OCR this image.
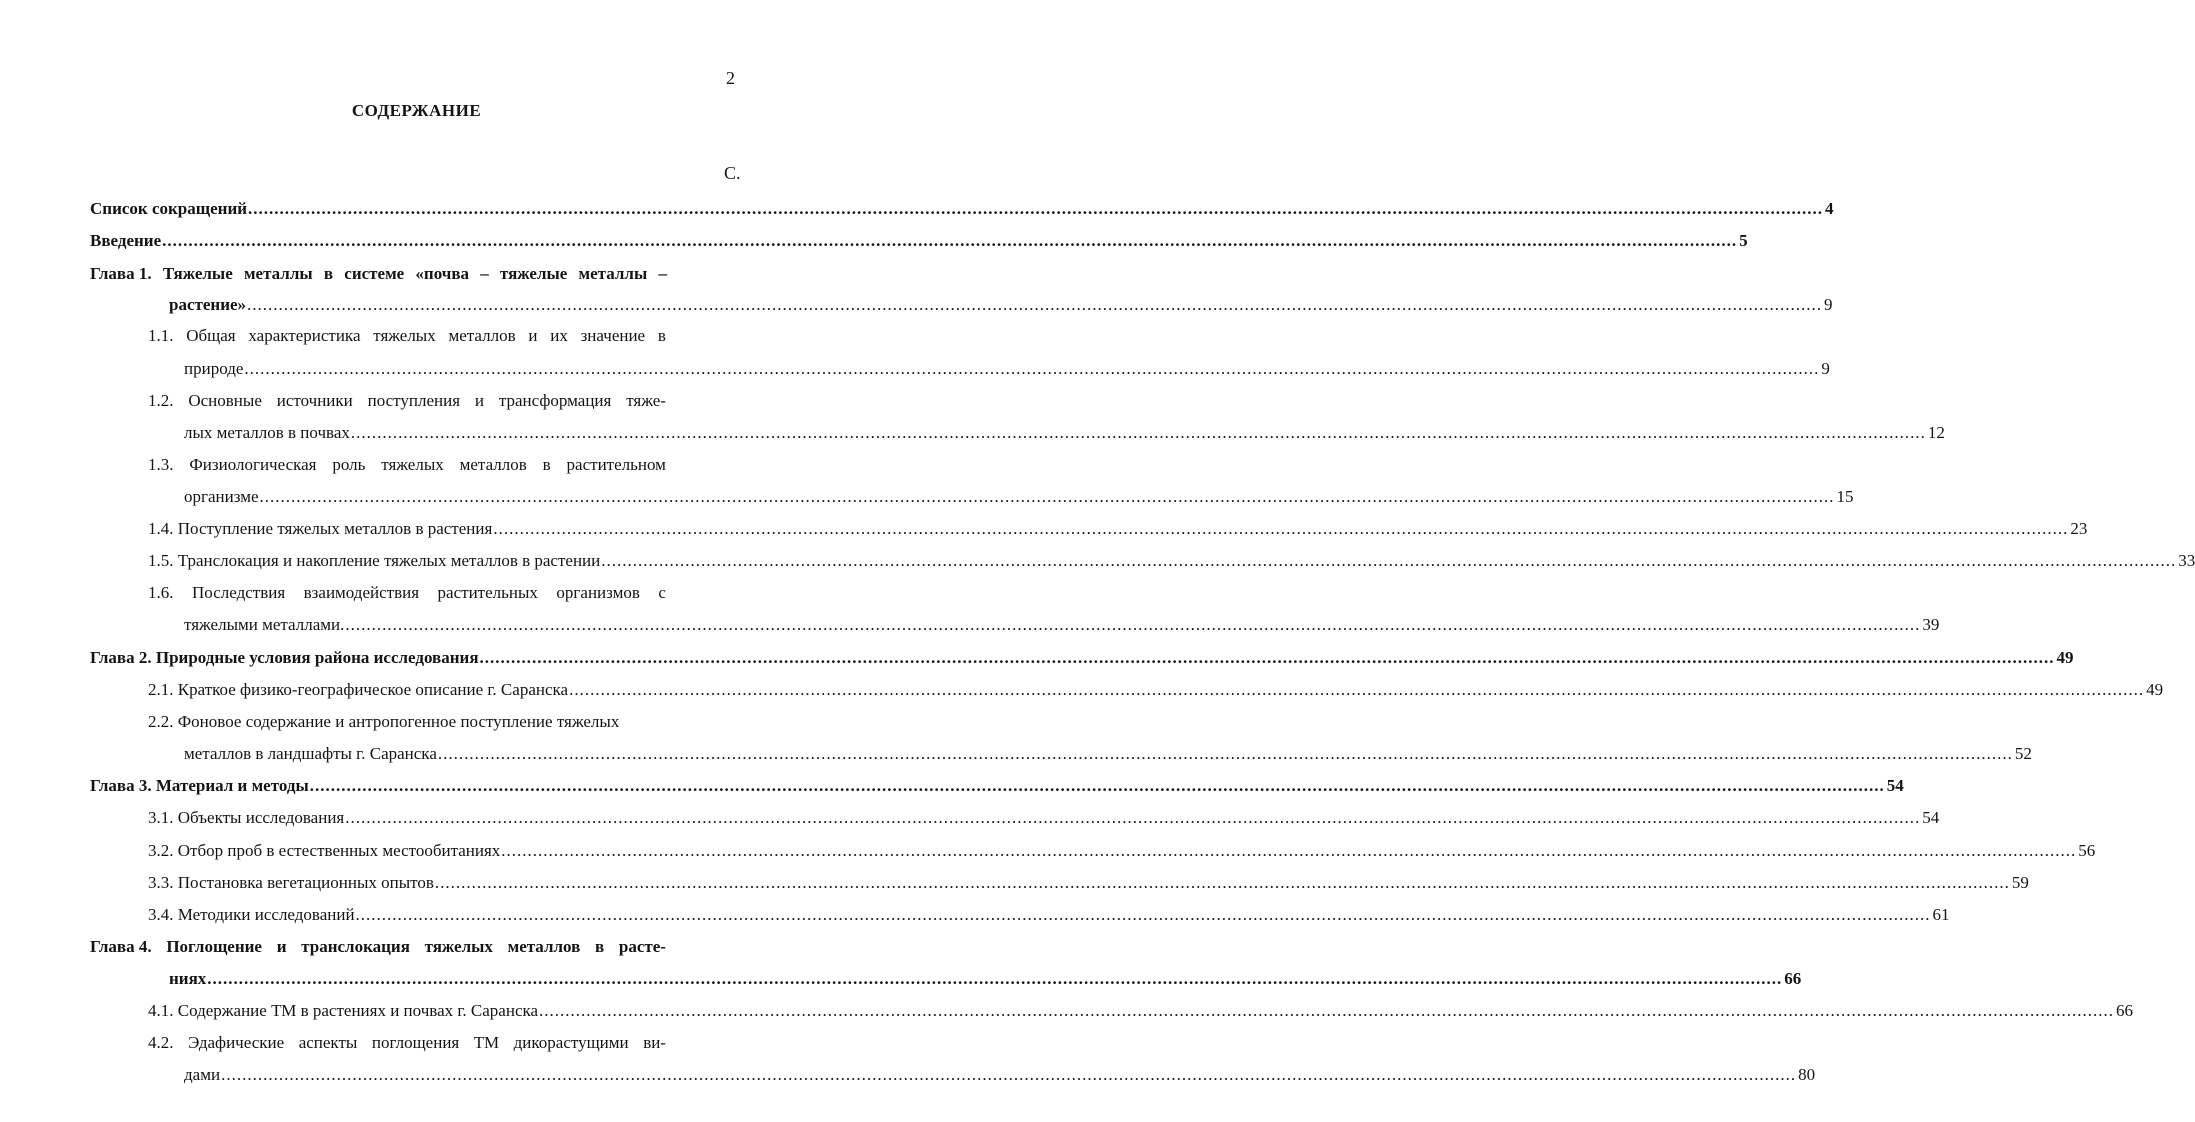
2
СОДЕРЖАНИЕ
С.
Список сокращений ............................................................................................................................................................................................................................................................................................................ 4
Введение ............................................................................................................................................................................................................................................................................................................ 5
Глава 1. Тяжелые металлы в системе «почва – тяжелые металлы –
растение» ............................................................................................................................................................................................................................................................................................................ 9
1.1. Общая характеристика тяжелых металлов и их значение в
природе ............................................................................................................................................................................................................................................................................................................ 9
1.2. Основные источники поступления и трансформация тяже-
лых металлов в почвах ............................................................................................................................................................................................................................................................................................................ 12
1.3. Физиологическая роль тяжелых металлов в растительном
организме ............................................................................................................................................................................................................................................................................................................ 15
1.4. Поступление тяжелых металлов в растения ............................................................................................................................................................................................................................................................................................................ 23
1.5. Транслокация и накопление тяжелых металлов в растении ............................................................................................................................................................................................................................................................................................................ 33
1.6. Последствия взаимодействия растительных организмов с
тяжелыми металлами. ............................................................................................................................................................................................................................................................................................................ 39
Глава 2. Природные условия района исследования ............................................................................................................................................................................................................................................................................................................ 49
2.1. Краткое физико-географическое описание г. Саранска ............................................................................................................................................................................................................................................................................................................ 49
2.2. Фоновое содержание и антропогенное поступление тяжелых
металлов в ландшафты г. Саранска ............................................................................................................................................................................................................................................................................................................ 52
Глава 3. Материал и методы ............................................................................................................................................................................................................................................................................................................ 54
3.1. Объекты исследования ............................................................................................................................................................................................................................................................................................................ 54
3.2. Отбор проб в естественных местообитаниях ............................................................................................................................................................................................................................................................................................................ 56
3.3. Постановка вегетационных опытов ............................................................................................................................................................................................................................................................................................................ 59
3.4. Методики исследований ............................................................................................................................................................................................................................................................................................................ 61
Глава 4. Поглощение и транслокация тяжелых металлов в расте-
ниях ............................................................................................................................................................................................................................................................................................................ 66
4.1. Содержание ТМ в растениях и почвах г. Саранска ............................................................................................................................................................................................................................................................................................................ 66
4.2. Эдафические аспекты поглощения ТМ дикорастущими ви-
дами ............................................................................................................................................................................................................................................................................................................ 80
